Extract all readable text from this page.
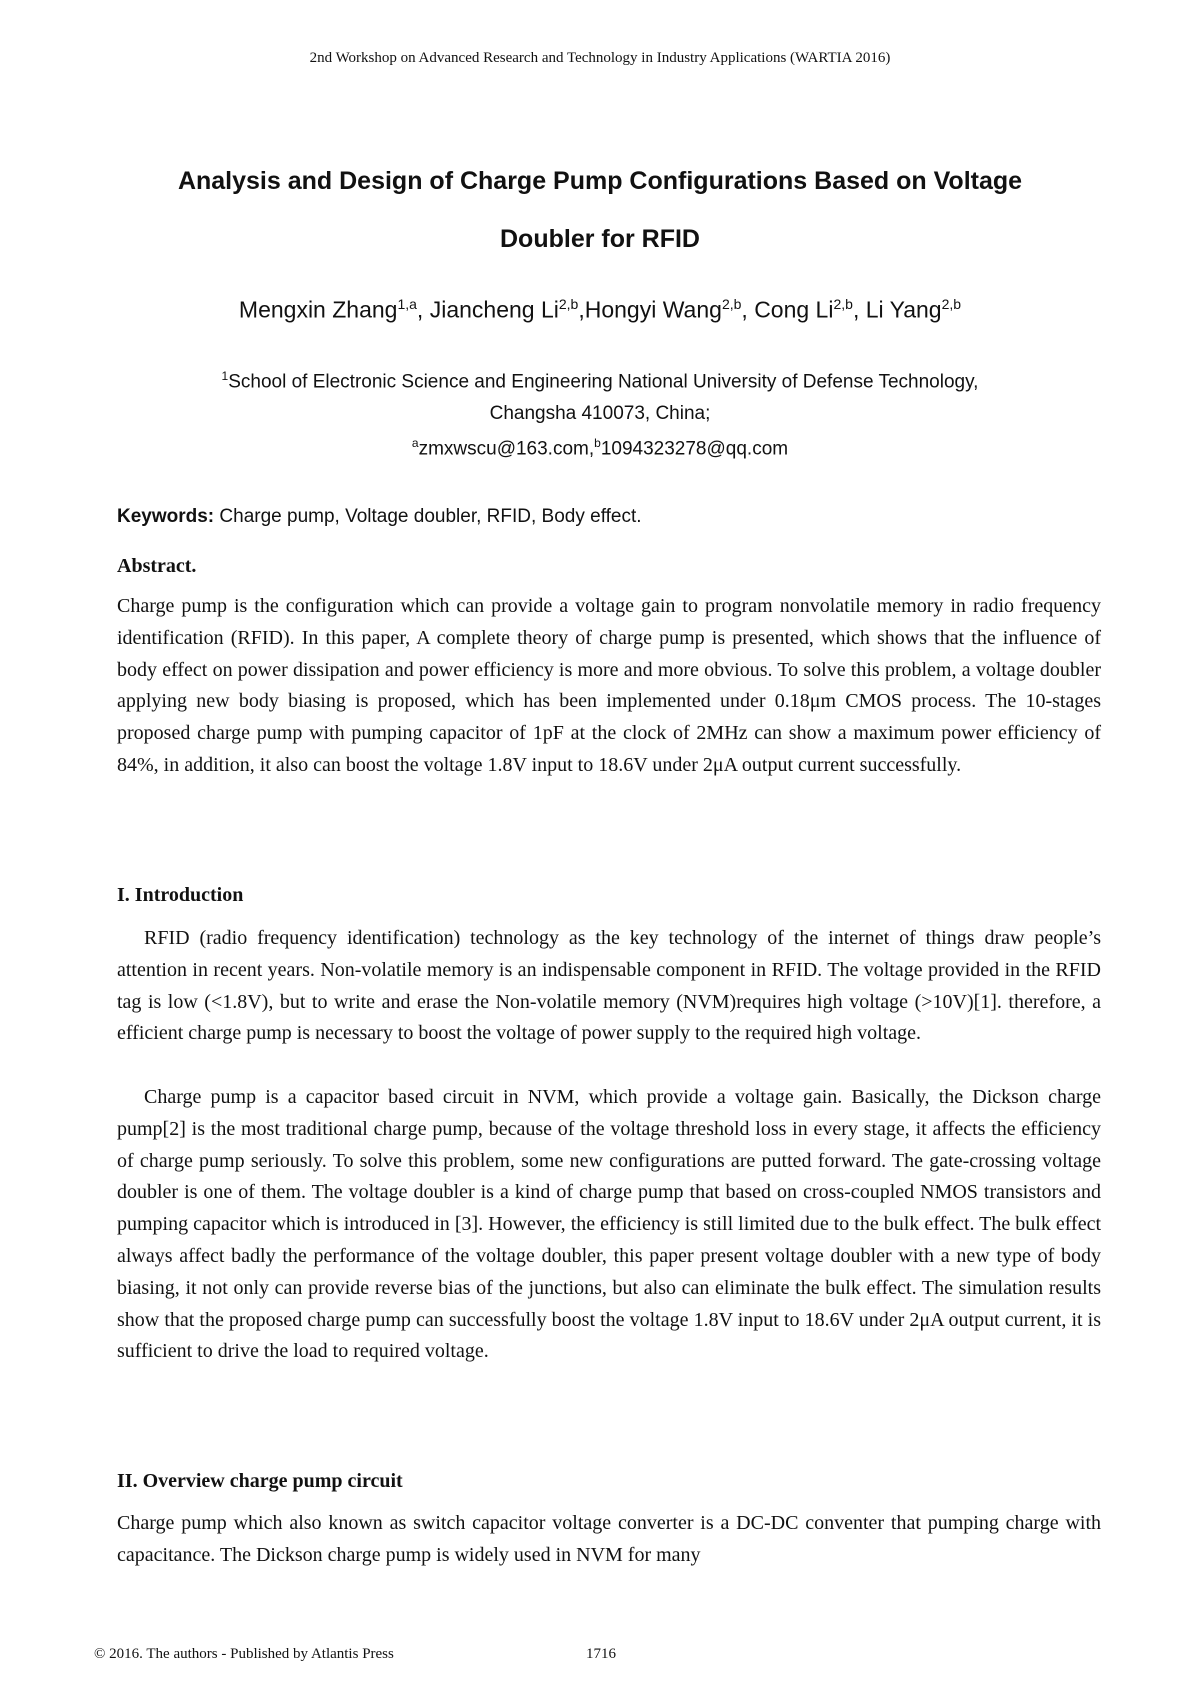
2nd Workshop on Advanced Research and Technology in Industry Applications (WARTIA 2016)
Analysis and Design of Charge Pump Configurations Based on Voltage
Doubler for RFID
Mengxin Zhang$^{1,a}$, Jiancheng Li$^{2,b}$,Hongyi Wang$^{2,b}$, Cong Li$^{2,b}$, Li Yang$^{2,b}$
$^1$School of Electronic Science and Engineering National University of Defense Technology,
Changsha 410073, China;
$^a$zmxwscu@163.com,$^b$1094323278@qq.com
Keywords: Charge pump, Voltage doubler, RFID, Body effect.
Abstract.
Charge pump is the configuration which can provide a voltage gain to program nonvolatile memory in radio frequency identification (RFID). In this paper, A complete theory of charge pump is presented, which shows that the influence of body effect on power dissipation and power efficiency is more and more obvious. To solve this problem, a voltage doubler applying new body biasing is proposed, which has been implemented under 0.18μm CMOS process. The 10-stages proposed charge pump with pumping capacitor of 1pF at the clock of 2MHz can show a maximum power efficiency of 84%, in addition, it also can boost the voltage 1.8V input to 18.6V under 2μA output current successfully.
I. Introduction
RFID (radio frequency identification) technology as the key technology of the internet of things draw people’s attention in recent years. Non-volatile memory is an indispensable component in RFID. The voltage provided in the RFID tag is low (<1.8V), but to write and erase the Non-volatile memory (NVM)requires high voltage (>10V)[1]. therefore, a efficient charge pump is necessary to boost the voltage of power supply to the required high voltage.
Charge pump is a capacitor based circuit in NVM, which provide a voltage gain. Basically, the Dickson charge pump[2] is the most traditional charge pump, because of the voltage threshold loss in every stage, it affects the efficiency of charge pump seriously. To solve this problem, some new configurations are putted forward. The gate-crossing voltage doubler is one of them. The voltage doubler is a kind of charge pump that based on cross-coupled NMOS transistors and pumping capacitor which is introduced in [3]. However, the efficiency is still limited due to the bulk effect. The bulk effect always affect badly the performance of the voltage doubler, this paper present voltage doubler with a new type of body biasing, it not only can provide reverse bias of the junctions, but also can eliminate the bulk effect. The simulation results show that the proposed charge pump can successfully boost the voltage 1.8V input to 18.6V under 2μA output current, it is sufficient to drive the load to required voltage.
II. Overview charge pump circuit
Charge pump which also known as switch capacitor voltage converter is a DC-DC conventer that pumping charge with capacitance. The Dickson charge pump is widely used in NVM for many
© 2016. The authors - Published by Atlantis Press	1716
